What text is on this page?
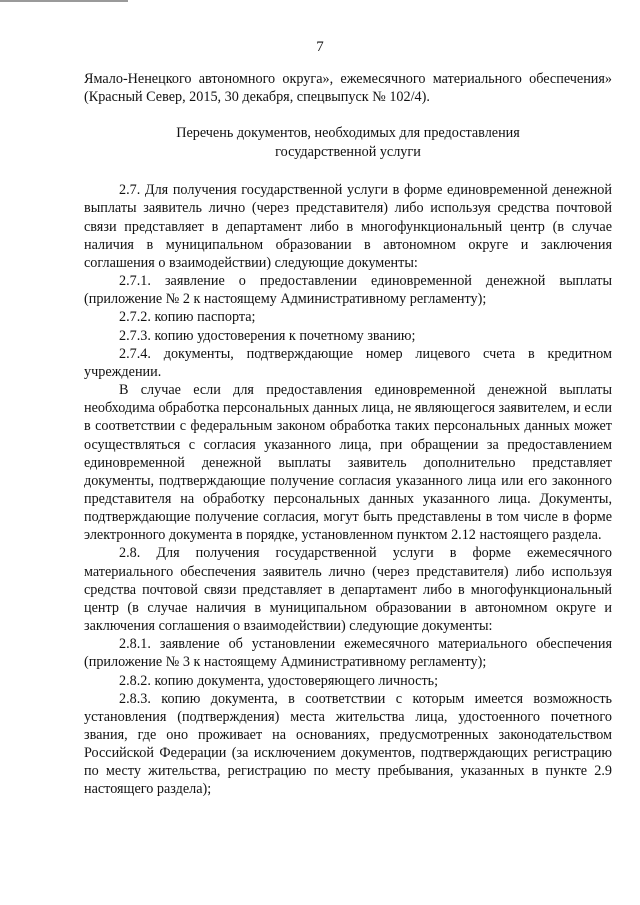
7

Ямало-Ненецкого автономного округа», ежемесячного материального обеспечения» (Красный Север, 2015, 30 декабря, спецвыпуск № 102/4).

Перечень документов, необходимых для предоставления
государственной услуги

2.7. Для получения государственной услуги в форме единовременной денежной выплаты заявитель лично (через представителя) либо используя средства почтовой связи представляет в департамент либо в многофункциональный центр (в случае наличия в муниципальном образовании в автономном округе и заключения соглашения о взаимодействии) следующие документы:

2.7.1. заявление о предоставлении единовременной денежной выплаты (приложение № 2 к настоящему Административному регламенту);

2.7.2. копию паспорта;

2.7.3. копию удостоверения к почетному званию;

2.7.4. документы, подтверждающие номер лицевого счета в кредитном учреждении.

В случае если для предоставления единовременной денежной выплаты необходима обработка персональных данных лица, не являющегося заявителем, и если в соответствии с федеральным законом обработка таких персональных данных может осуществляться с согласия указанного лица, при обращении за предоставлением единовременной денежной выплаты заявитель дополнительно представляет документы, подтверждающие получение согласия указанного лица или его законного представителя на обработку персональных данных указанного лица. Документы, подтверждающие получение согласия, могут быть представлены в том числе в форме электронного документа в порядке, установленном пунктом 2.12 настоящего раздела.

2.8. Для получения государственной услуги в форме ежемесячного материального обеспечения заявитель лично (через представителя) либо используя средства почтовой связи представляет в департамент либо в многофункциональный центр (в случае наличия в муниципальном образовании в автономном округе и заключения соглашения о взаимодействии) следующие документы:

2.8.1. заявление об установлении ежемесячного материального обеспечения (приложение № 3 к настоящему Административному регламенту);

2.8.2. копию документа, удостоверяющего личность;

2.8.3. копию документа, в соответствии с которым имеется возможность установления (подтверждения) места жительства лица, удостоенного почетного звания, где оно проживает на основаниях, предусмотренных законодательством Российской Федерации (за исключением документов, подтверждающих регистрацию по месту жительства, регистрацию по месту пребывания, указанных в пункте 2.9 настоящего раздела);
